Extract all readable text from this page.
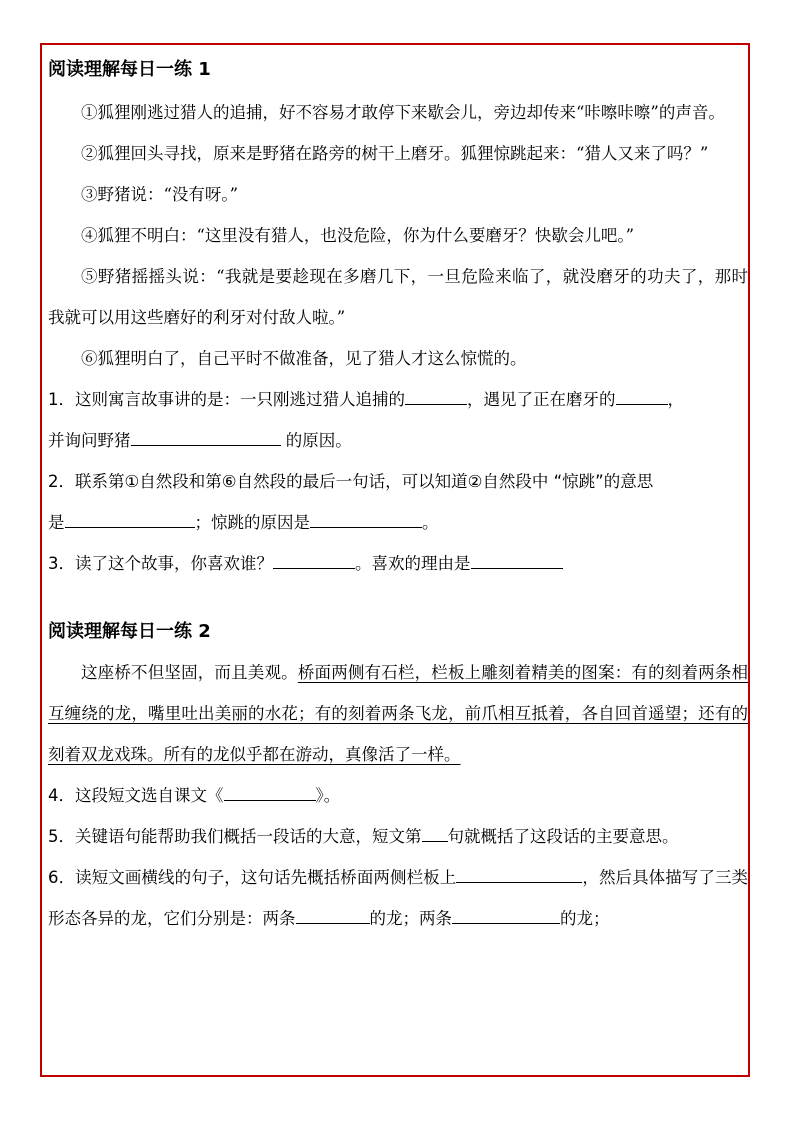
阅读理解每日一练 1

①狐狸刚逃过猎人的追捕，好不容易才敢停下来歇会儿，旁边却传来“咔嚓咔嚓”的声音。

②狐狸回头寻找，原来是野猪在路旁的树干上磨牙。狐狸惊跳起来：“猎人又来了吗？”

③野猪说：“没有呀。”

④狐狸不明白：“这里没有猎人，也没危险，你为什么要磨牙？快歇会儿吧。”

⑤野猪摇摇头说：“我就是要趁现在多磨几下，一旦危险来临了，就没磨牙的功夫了，那时我就可以用这些磨好的利牙对付敌人啦。”

⑥狐狸明白了，自己平时不做准备，见了猎人才这么惊慌的。

1．这则寓言故事讲的是：一只刚逃过猎人追捕的	，遇见了正在磨牙的	，
并询问野猪	的原因。

2．联系第①自然段和第⑥自然段的最后一句话，可以知道②自然段中 “惊跳”的意思
是	；惊跳的原因是	。

3．读了这个故事，你喜欢谁？	。喜欢的理由是

阅读理解每日一练 2

这座桥不但坚固，而且美观。桥面两侧有石栏，栏板上雕刻着精美的图案：有的刻着两条相互缠绕的龙，嘴里吐出美丽的水花；有的刻着两条飞龙，前爪相互抵着，各自回首遥望；还有的刻着双龙戏珠。所有的龙似乎都在游动，真像活了一样。

4．这段短文选自课文《	》。

5．关键语句能帮助我们概括一段话的大意，短文第 句就概括了这段话的主要意思。

6．读短文画横线的句子，这句话先概括桥面两侧栏板上	，然后具体描写了三类形态各异的龙，它们分别是：两条	的龙；两条	的龙；
